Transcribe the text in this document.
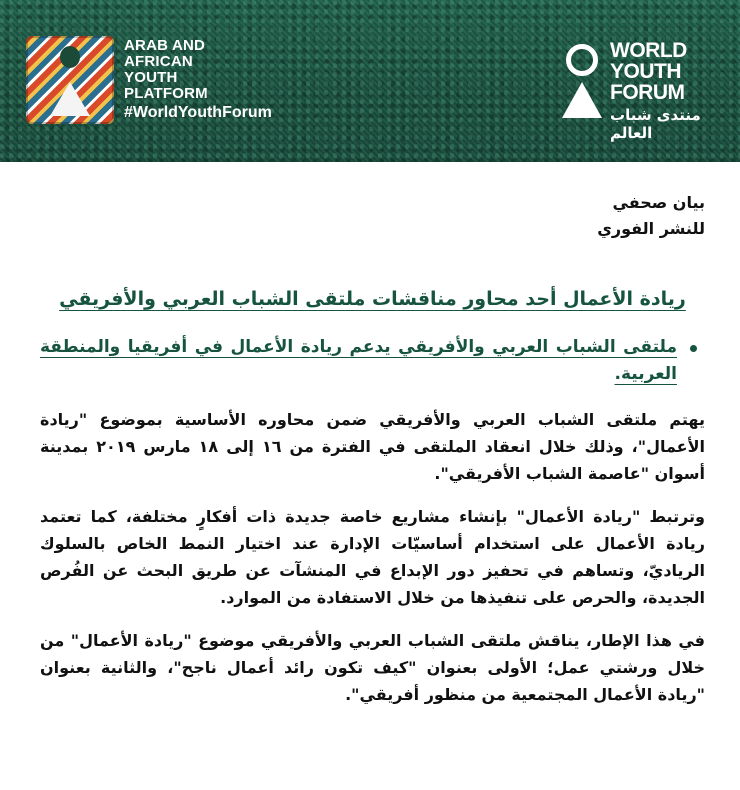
ARAB AND
AFRICAN
YOUTH
PLATFORM
#WorldYouthForum
WORLD
YOUTH
FORUM
منتدى شباب العالم
بيان صحفي
للنشر الفوري
ريادة الأعمال أحد محاور مناقشات ملتقى الشباب العربي والأفريقي
ملتقى الشباب العربي والأفريقي يدعم ريادة الأعمال في أفريقيا والمنطقة العربية.

يهتم ملتقى الشباب العربي والأفريقي ضمن محاوره الأساسية بموضوع "ريادة الأعمال"، وذلك خلال انعقاد الملتقى في الفترة من ١٦ إلى ١٨ مارس ٢٠١٩ بمدينة أسوان "عاصمة الشباب الأفريقي".

وترتبط "ريادة الأعمال" بإنشاء مشاريع خاصة جديدة ذات أفكارٍ مختلفة، كما تعتمد ريادة الأعمال على استخدام أساسيّات الإدارة عند اختيار النمط الخاص بالسلوك الرياديّ، وتساهم في تحفيز دور الإبداع في المنشآت عن طريق البحث عن الفُرص الجديدة، والحرص على تنفيذها من خلال الاستفادة من الموارد.

في هذا الإطار، يناقش ملتقى الشباب العربي والأفريقي موضوع "ريادة الأعمال" من خلال ورشتي عمل؛ الأولى بعنوان "كيف تكون رائد أعمال ناجح"، والثانية بعنوان "ريادة الأعمال المجتمعية من منظور أفريقي".
